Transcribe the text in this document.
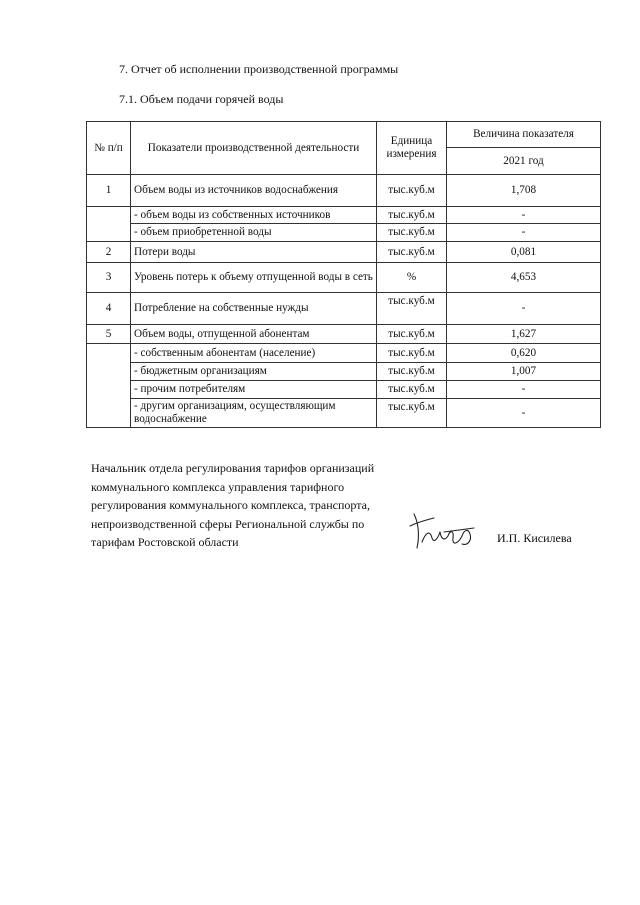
7. Отчет об исполнении производственной программы
7.1. Объем подачи горячей воды
№ п/п	Показатели производственной деятельности	Единица измерения	Величина показателя
			2021 год
1	Объем воды из источников водоснабжения	тыс.куб.м	1,708
	- объем воды из собственных источников	тыс.куб.м	-
	- объем приобретенной воды	тыс.куб.м	-
2	Потери воды	тыс.куб.м	0,081
3	Уровень потерь к объему отпущенной воды в сеть	%	4,653
4	Потребление на собственные нужды	тыс.куб.м	-
5	Объем воды, отпущенной абонентам	тыс.куб.м	1,627
	- собственным абонентам (население)	тыс.куб.м	0,620
	- бюджетным организациям	тыс.куб.м	1,007
	- прочим потребителям	тыс.куб.м	-
	- другим организациям, осуществляющим водоснабжение	тыс.куб.м	-
Начальник отдела регулирования тарифов организаций
коммунального комплекса управления тарифного
регулирования коммунального комплекса, транспорта,
непроизводственной сферы Региональной службы по
тарифам Ростовской области	И.П. Кисилева
